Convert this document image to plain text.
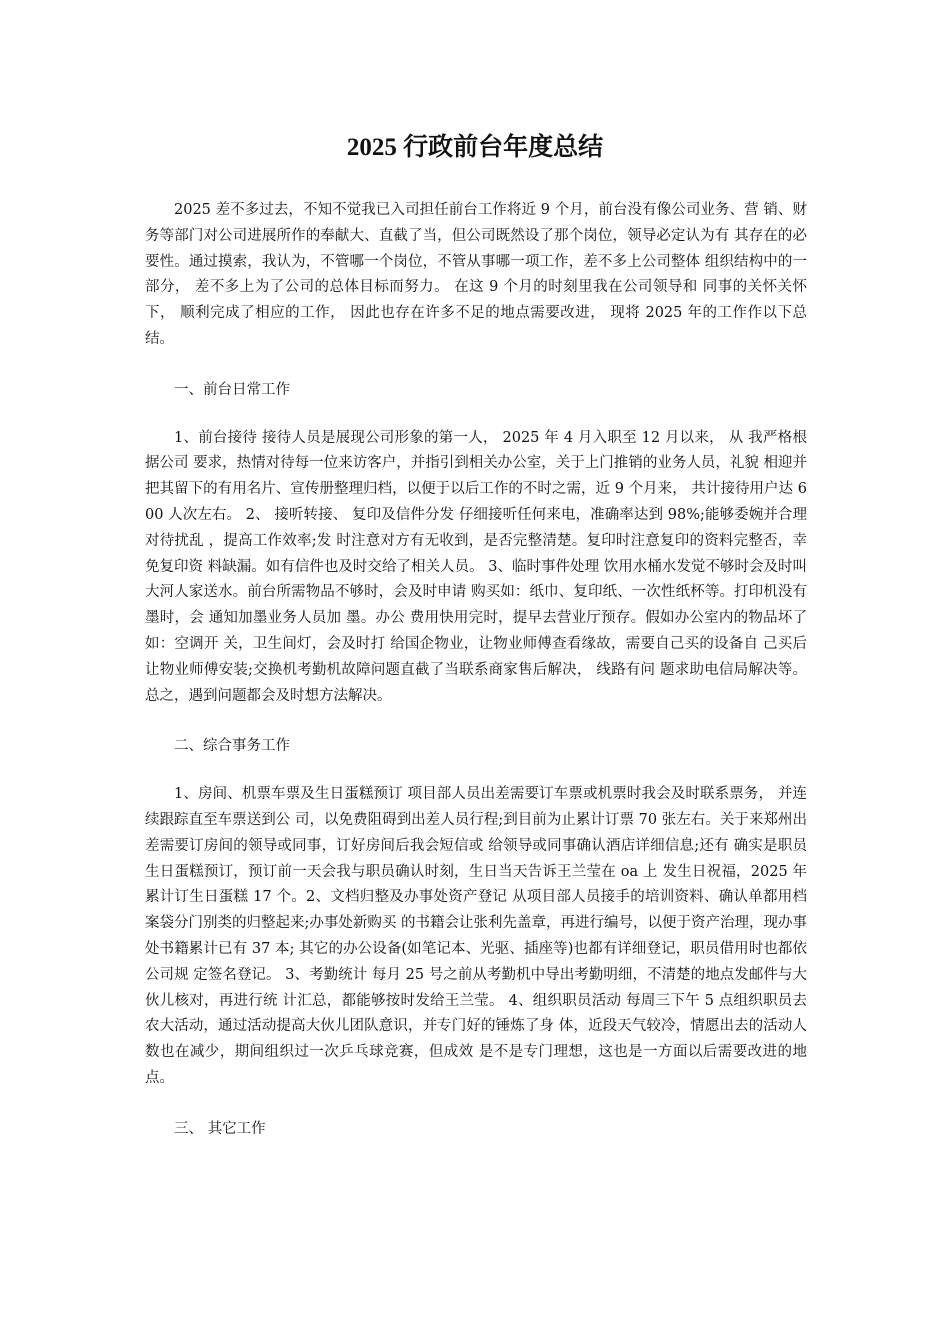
2025 行政前台年度总结

2025 差不多过去，不知不觉我已入司担任前台工作将近 9 个月，前台没有像公司业务、营 销、财务等部门对公司进展所作的奉献大、直截了当，但公司既然设了那个岗位，领导必定认为有 其存在的必要性。通过摸索，我认为，不管哪一个岗位，不管从事哪一项工作，差不多上公司整体 组织结构中的一部分， 差不多上为了公司的总体目标而努力。 在这 9 个月的时刻里我在公司领导和 同事的关怀关怀下， 顺利完成了相应的工作， 因此也存在许多不足的地点需要改进， 现将 2025 年的工作作以下总结。

一、前台日常工作

1、前台接待 接待人员是展现公司形象的第一人， 2025 年 4 月入职至 12 月以来， 从 我严格根据公司 要求，热情对待每一位来访客户，并指引到相关办公室，关于上门推销的业务人员，礼貌 相迎并把其留下的有用名片、宣传册整理归档，以便于以后工作的不时之需，近 9 个月来， 共计接待用户达 600 人次左右。 2、 接听转接、 复印及信件分发 仔细接听任何来电，准确率达到 98%;能够委婉并合理对待扰乱 ，提高工作效率;发 时注意对方有无收到，是否完整清楚。复印时注意复印的资料完整否，幸免复印资 料缺漏。如有信件也及时交给了相关人员。 3、临时事件处理 饮用水桶水发觉不够时会及时叫大河人家送水。前台所需物品不够时，会及时申请 购买如：纸巾、复印纸、一次性纸杯等。打印机没有墨时，会 通知加墨业务人员加 墨。办公 费用快用完时，提早去营业厅预存。假如办公室内的物品坏了如：空调开 关，卫生间灯，会及时打 给国企物业，让物业师傅查看缘故，需要自己买的设备自 己买后让物业师傅安装;交换机考勤机故障问题直截了当联系商家售后解决， 线路有问 题求助电信局解决等。总之，遇到问题都会及时想方法解决。

二、综合事务工作

1、房间、机票车票及生日蛋糕预订 项目部人员出差需要订车票或机票时我会及时联系票务， 并连续跟踪直至车票送到公 司，以免费阻碍到出差人员行程;到目前为止累计订票 70 张左右。关于来郑州出差需要订房间的领导或同事，订好房间后我会短信或 给领导或同事确认酒店详细信息;还有 确实是职员生日蛋糕预订，预订前一天会我与职员确认时刻，生日当天告诉王兰莹在 oa 上 发生日祝福，2025 年累计订生日蛋糕 17 个。2、文档归整及办事处资产登记 从项目部人员接手的培训资料、确认单都用档案袋分门别类的归整起来;办事处新购买 的书籍会让张利先盖章，再进行编号，以便于资产治理，现办事处书籍累计已有 37 本; 其它的办公设备(如笔记本、光驱、插座等)也都有详细登记，职员借用时也都依公司规 定签名登记。 3、考勤统计 每月 25 号之前从考勤机中导出考勤明细，不清楚的地点发邮件与大伙儿核对，再进行统 计汇总，都能够按时发给王兰莹。 4、组织职员活动 每周三下午 5 点组织职员去农大活动，通过活动提高大伙儿团队意识，并专门好的锤炼了身 体，近段天气较冷，情愿出去的活动人数也在减少，期间组织过一次乒乓球竞赛，但成效 是不是专门理想，这也是一方面以后需要改进的地点。

三、 其它工作
